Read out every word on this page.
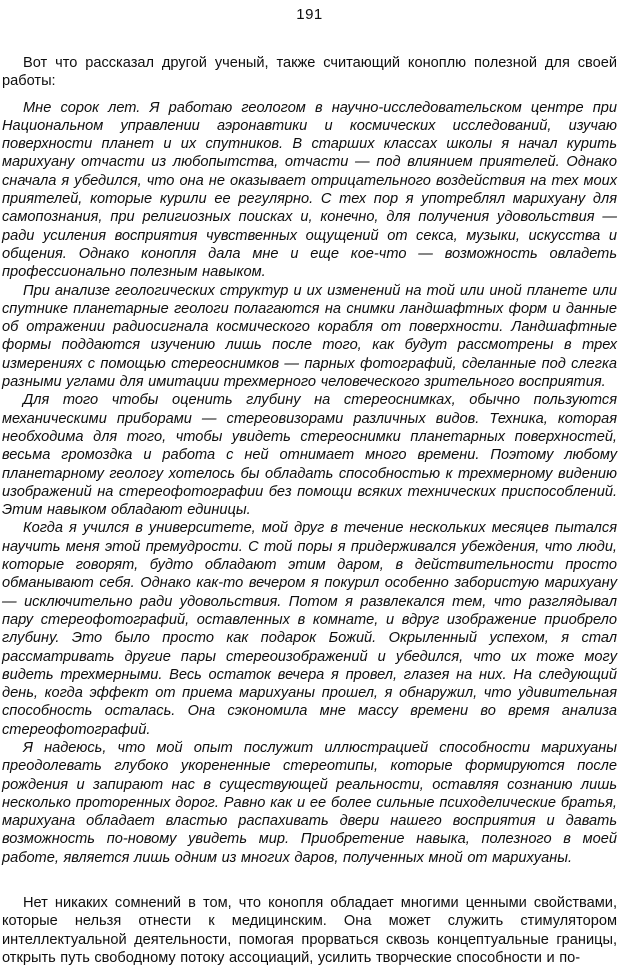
191

Вот что рассказал другой ученый, также считающий коноплю полезной для своей работы:

Мне сорок лет. Я работаю геологом в научно-исследовательском центре при Национальном управлении аэронавтики и космических исследований, изучаю поверхности планет и их спутников. В старших классах школы я начал курить марихуану отчасти из любопытства, отчасти — под влиянием приятелей. Однако сначала я убедился, что она не оказывает отрицательного воздействия на тех моих приятелей, которые курили ее регулярно. С тех пор я употреблял марихуану для самопознания, при религиозных поисках и, конечно, для получения удовольствия — ради усиления восприятия чувственных ощущений от секса, музыки, искусства и общения. Однако конопля дала мне и еще кое-что — возможность овладеть профессионально полезным навыком.

При анализе геологических структур и их изменений на той или иной планете или спутнике планетарные геологи полагаются на снимки ландшафтных форм и данные об отражении радиосигнала космического корабля от поверхности. Ландшафтные формы поддаются изучению лишь после того, как будут рассмотрены в трех измерениях с помощью стереоснимков — парных фотографий, сделанные под слегка разными углами для имитации трехмерного человеческого зрительного восприятия.

Для того чтобы оценить глубину на стереоснимках, обычно пользуются механическими приборами — стереовизорами различных видов. Техника, которая необходима для того, чтобы увидеть стереоснимки планетарных поверхностей, весьма громоздка и работа с ней отнимает много времени. Поэтому любому планетарному геологу хотелось бы обладать способностью к трехмерному видению изображений на стереофотографии без помощи всяких технических приспособлений. Этим навыком обладают единицы.

Когда я учился в университете, мой друг в течение нескольких месяцев пытался научить меня этой премудрости. С той поры я придерживался убеждения, что люди, которые говорят, будто обладают этим даром, в действительности просто обманывают себя. Однако как-то вечером я покурил особенно забористую марихуану — исключительно ради удовольствия. Потом я развлекался тем, что разглядывал пару стереофотографий, оставленных в комнате, и вдруг изображение приобрело глубину. Это было просто как подарок Божий. Окрыленный успехом, я стал рассматривать другие пары стереоизображений и убедился, что их тоже могу видеть трехмерными. Весь остаток вечера я провел, глазея на них. На следующий день, когда эффект от приема марихуаны прошел, я обнаружил, что удивительная способность осталась. Она сэкономила мне массу времени во время анализа стереофотографий.

Я надеюсь, что мой опыт послужит иллюстрацией способности марихуаны преодолевать глубоко укорененные стереотипы, которые формируются после рождения и запирают нас в существующей реальности, оставляя сознанию лишь несколько проторенных дорог. Равно как и ее более сильные психоделические братья, марихуана обладает властью распахивать двери нашего восприятия и давать возможность по-новому увидеть мир. Приобретение навыка, полезного в моей работе, является лишь одним из многих даров, полученных мной от марихуаны.

Нет никаких сомнений в том, что конопля обладает многими ценными свойствами, которые нельзя отнести к медицинским. Она может служить стимулятором интеллектуальной деятельности, помогая прорваться сквозь концептуальные границы, открыть путь свободному потоку ассоциаций, усилить творческие способности и по-
